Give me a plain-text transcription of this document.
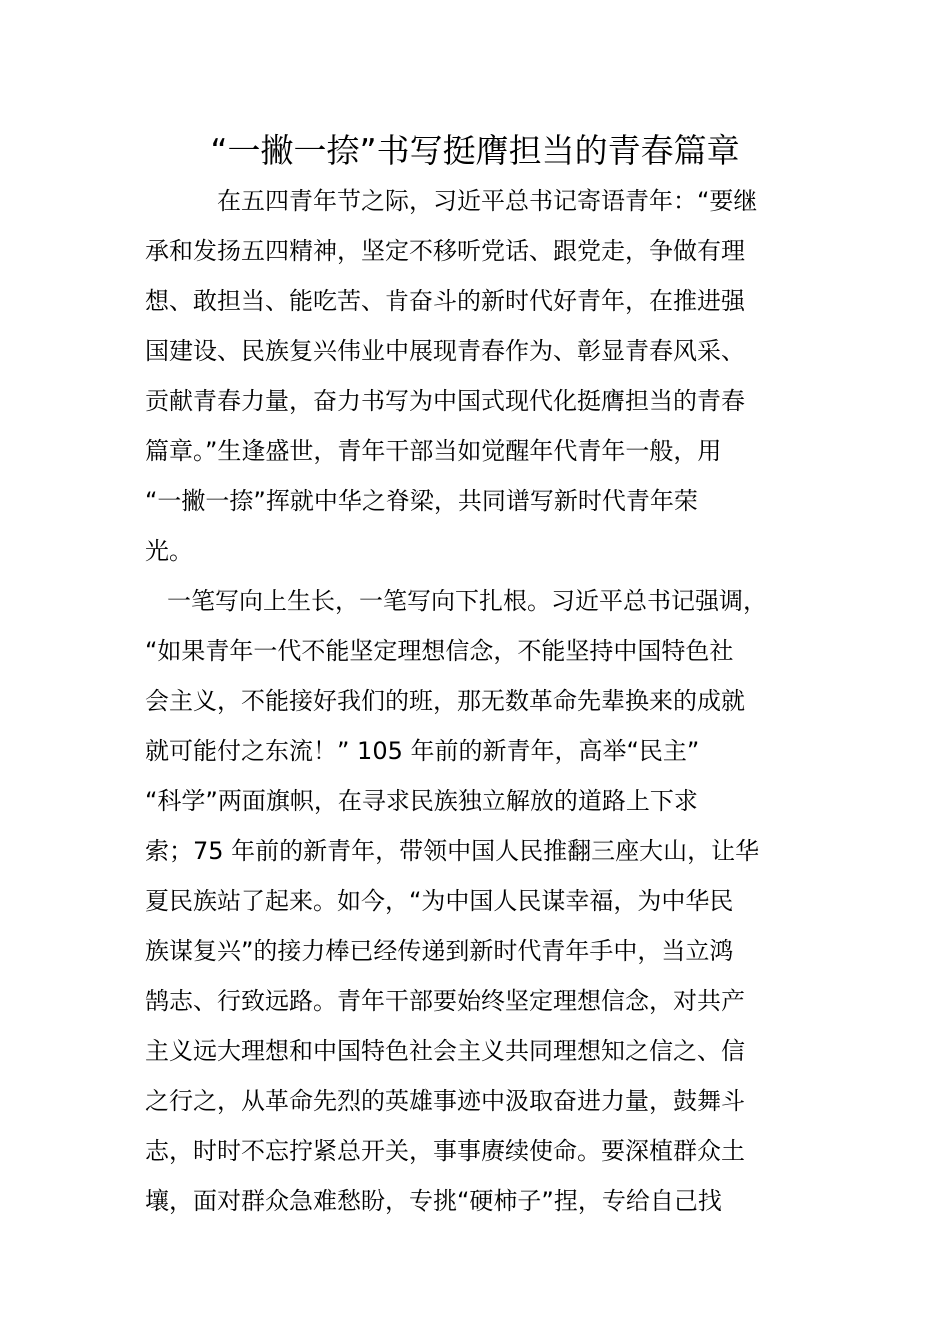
“一撇一捺”书写挺膺担当的青春篇章

在五四青年节之际，习近平总书记寄语青年：“要继

承和发扬五四精神，坚定不移听党话、跟党走，争做有理

想、敢担当、能吃苦、肯奋斗的新时代好青年，在推进强

国建设、民族复兴伟业中展现青春作为、彰显青春风采、

贡献青春力量，奋力书写为中国式现代化挺膺担当的青春

篇章。”生逢盛世，青年干部当如觉醒年代青年一般，用

“一撇一捺”挥就中华之脊梁，共同谱写新时代青年荣

光。

一笔写向上生长，一笔写向下扎根。习近平总书记强调，

“如果青年一代不能坚定理想信念，不能坚持中国特色社

会主义，不能接好我们的班，那无数革命先辈换来的成就

就可能付之东流！” 105 年前的新青年，高举“民主”

“科学”两面旗帜，在寻求民族独立解放的道路上下求

索；75 年前的新青年，带领中国人民推翻三座大山，让华

夏民族站了起来。如今，“为中国人民谋幸福，为中华民

族谋复兴”的接力棒已经传递到新时代青年手中，当立鸿

鹄志、行致远路。青年干部要始终坚定理想信念，对共产

主义远大理想和中国特色社会主义共同理想知之信之、信

之行之，从革命先烈的英雄事迹中汲取奋进力量，鼓舞斗

志，时时不忘拧紧总开关，事事赓续使命。要深植群众土

壤，面对群众急难愁盼，专挑“硬柿子”捏，专给自己找
